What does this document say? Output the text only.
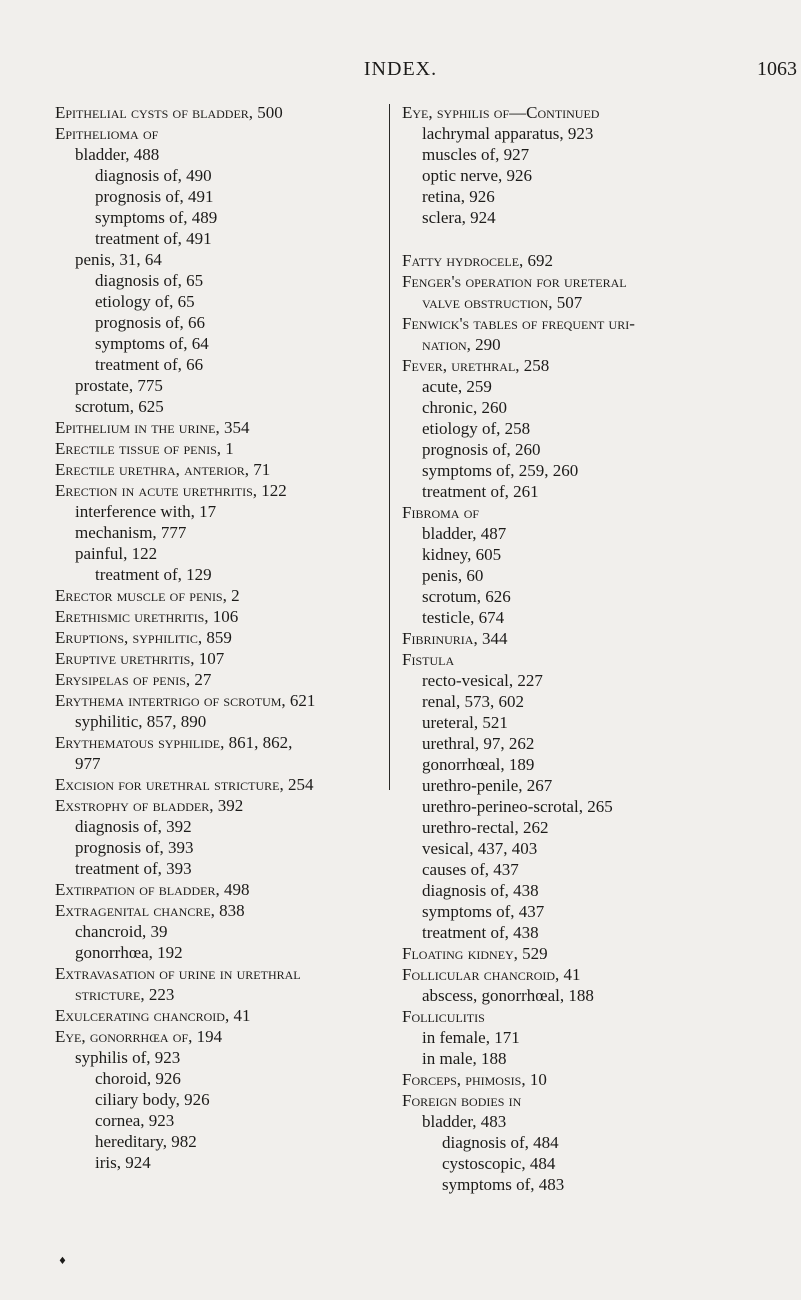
INDEX.	1063
Epithelial cysts of bladder, 500
Epithelioma of
bladder, 488
diagnosis of, 490
prognosis of, 491
symptoms of, 489
treatment of, 491
penis, 31, 64
diagnosis of, 65
etiology of, 65
prognosis of, 66
symptoms of, 64
treatment of, 66
prostate, 775
scrotum, 625
Epithelium in the urine, 354
Erectile tissue of penis, 1
Erectile urethra, anterior, 71
Erection in acute urethritis, 122
interference with, 17
mechanism, 777
painful, 122
treatment of, 129
Erector muscle of penis, 2
Erethismic urethritis, 106
Eruptions, syphilitic, 859
Eruptive urethritis, 107
Erysipelas of penis, 27
Erythema intertrigo of scrotum, 621
syphilitic, 857, 890
Erythematous syphilide, 861, 862,
977
Excision for urethral stricture, 254
Exstrophy of bladder, 392
diagnosis of, 392
prognosis of, 393
treatment of, 393
Extirpation of bladder, 498
Extragenital chancre, 838
chancroid, 39
gonorrhœa, 192
Extravasation of urine in urethral
stricture, 223
Exulcerating chancroid, 41
Eye, gonorrhœa of, 194
syphilis of, 923
choroid, 926
ciliary body, 926
cornea, 923
hereditary, 982
iris, 924
Eye, syphilis of—Continued
lachrymal apparatus, 923
muscles of, 927
optic nerve, 926
retina, 926
sclera, 924
Fatty hydrocele, 692
Fenger's operation for ureteral
valve obstruction, 507
Fenwick's tables of frequent uri-
nation, 290
Fever, urethral, 258
acute, 259
chronic, 260
etiology of, 258
prognosis of, 260
symptoms of, 259, 260
treatment of, 261
Fibroma of
bladder, 487
kidney, 605
penis, 60
scrotum, 626
testicle, 674
Fibrinuria, 344
Fistula
recto-vesical, 227
renal, 573, 602
ureteral, 521
urethral, 97, 262
gonorrhœal, 189
urethro-penile, 267
urethro-perineo-scrotal, 265
urethro-rectal, 262
vesical, 437, 403
causes of, 437
diagnosis of, 438
symptoms of, 437
treatment of, 438
Floating kidney, 529
Follicular chancroid, 41
abscess, gonorrhœal, 188
Folliculitis
in female, 171
in male, 188
Forceps, phimosis, 10
Foreign bodies in
bladder, 483
diagnosis of, 484
cystoscopic, 484
symptoms of, 483
♦
